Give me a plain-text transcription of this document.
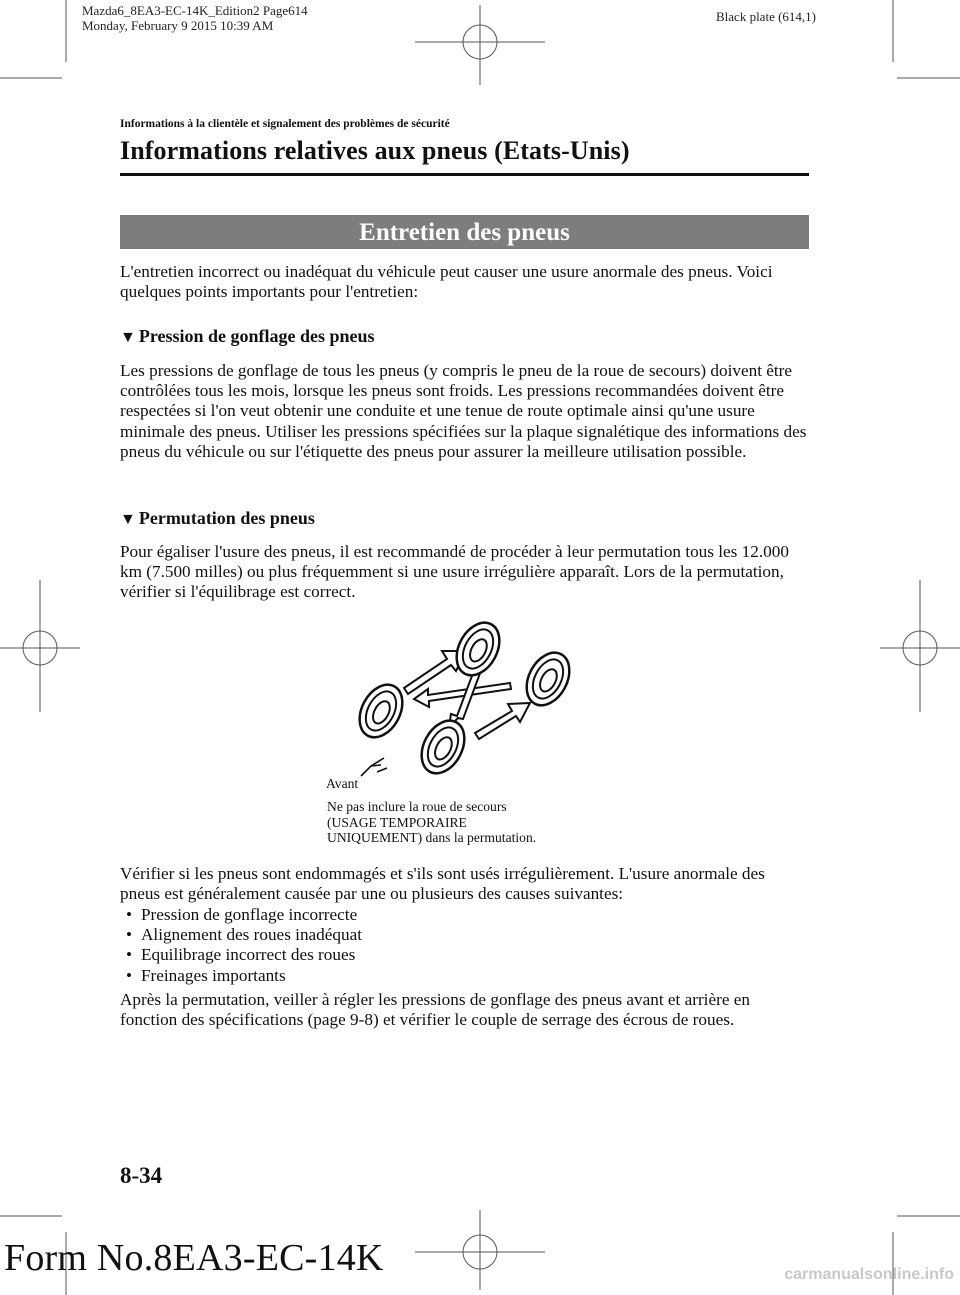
Mazda6_8EA3-EC-14K_Edition2 Page614
Monday, February 9 2015 10:39 AM
Black plate (614,1)
Informations à la clientèle et signalement des problèmes de sécurité
Informations relatives aux pneus (Etats-Unis)
Entretien des pneus

L'entretien incorrect ou inadéquat du véhicule peut causer une usure anormale des pneus. Voici quelques points importants pour l'entretien:

▼ Pression de gonflage des pneus

Les pressions de gonflage de tous les pneus (y compris le pneu de la roue de secours) doivent être contrôlées tous les mois, lorsque les pneus sont froids. Les pressions recommandées doivent être respectées si l'on veut obtenir une conduite et une tenue de route optimale ainsi qu'une usure minimale des pneus. Utiliser les pressions spécifiées sur la plaque signalétique des informations des pneus du véhicule ou sur l'étiquette des pneus pour assurer la meilleure utilisation possible.

▼ Permutation des pneus

Pour égaliser l'usure des pneus, il est recommandé de procéder à leur permutation tous les 12.000 km (7.500 milles) ou plus fréquemment si une usure irrégulière apparaît. Lors de la permutation, vérifier si l'équilibrage est correct.

Avant
Ne pas inclure la roue de secours
(USAGE TEMPORAIRE
UNIQUEMENT) dans la permutation.

Vérifier si les pneus sont endommagés et s'ils sont usés irrégulièrement. L'usure anormale des pneus est généralement causée par une ou plusieurs des causes suivantes:

• Pression de gonflage incorrecte
• Alignement des roues inadéquat
• Equilibrage incorrect des roues
• Freinages importants

Après la permutation, veiller à régler les pressions de gonflage des pneus avant et arrière en fonction des spécifications (page 9-8) et vérifier le couple de serrage des écrous de roues.

8-34
Form No.8EA3-EC-14K	carmanualsonline.info
